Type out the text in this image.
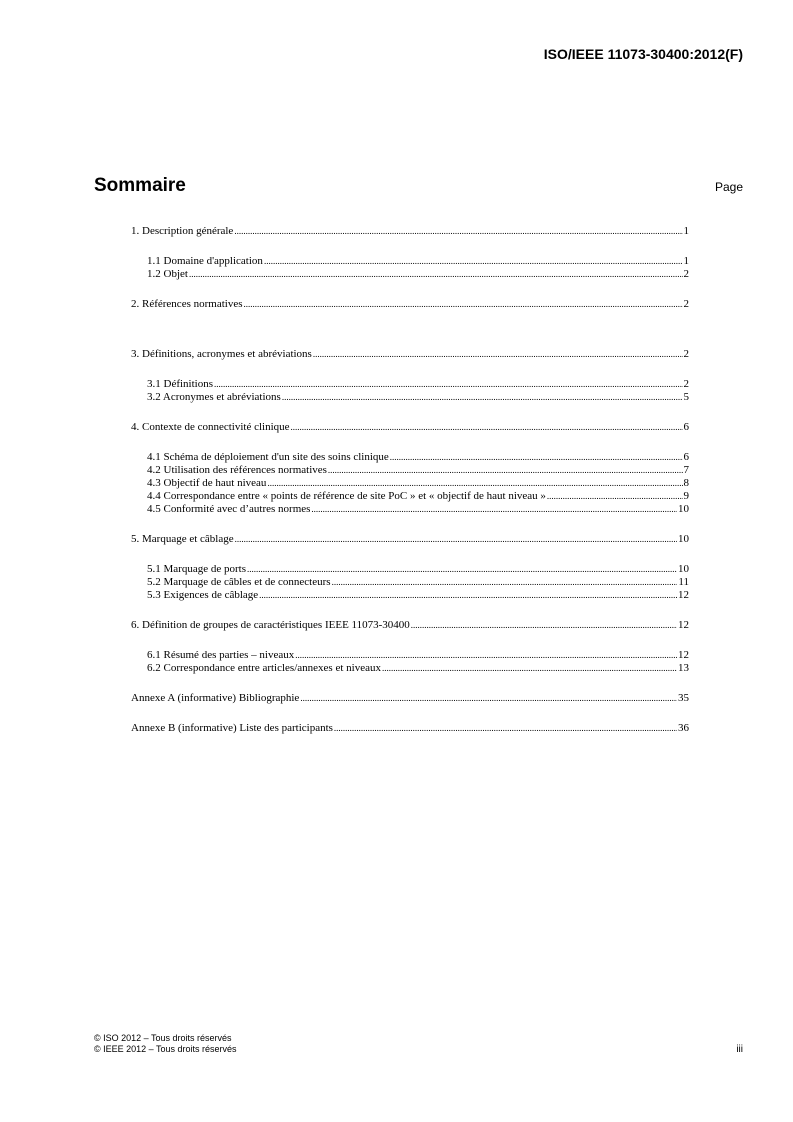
ISO/IEEE 11073-30400:2012(F)
Sommaire	Page
1. Description générale .....	1
1.1 Domaine d'application .....	1
1.2 Objet .....	2
2. Références normatives .....	2
3. Définitions, acronymes et abréviations .....	2
3.1 Définitions .....	2
3.2 Acronymes et abréviations .....	5
4. Contexte de connectivité clinique .....	6
4.1 Schéma de déploiement d'un site des soins clinique .....	6
4.2 Utilisation des références normatives .....	7
4.3 Objectif de haut niveau .....	8
4.4 Correspondance entre « points de référence de site PoC » et « objectif de haut niveau » .....	9
4.5 Conformité avec d’autres normes .....	10
5. Marquage et câblage .....	10
5.1 Marquage de ports .....	10
5.2 Marquage de câbles et de connecteurs .....	11
5.3 Exigences de câblage .....	12
6. Définition de groupes de caractéristiques IEEE 11073-30400 .....	12
6.1 Résumé des parties – niveaux .....	12
6.2 Correspondance entre articles/annexes et niveaux .....	13
Annexe A (informative) Bibliographie .....	35
Annexe B (informative) Liste des participants .....	36
© ISO 2012 – Tous droits réservés
© IEEE 2012 – Tous droits réservés	iii
